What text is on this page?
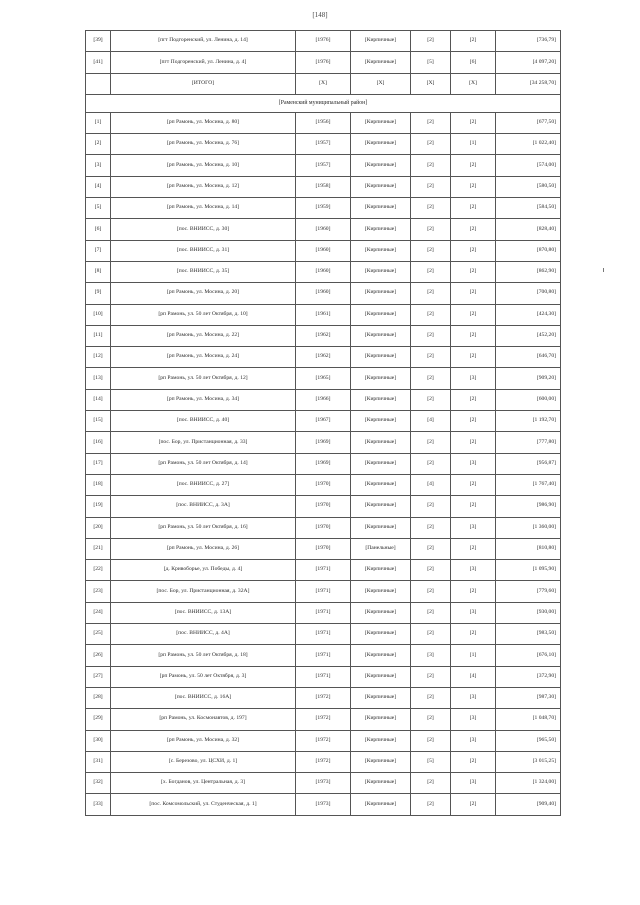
[148]
[39]	[пгт Подгоренский, ул. Ленина, д. 14]	[1976]	[Кирпичные]	[2]	[2]	[736,79]
[41]	[пгт Подгоренский, ул. Ленина, д. 4]	[1976]	[Кирпичные]	[5]	[6]	[4 097,20]
	[ИТОГО]	[X]	[X]	[X]	[X]	[34 258,70]
[Раменский муниципальный район]						
[1]	[рп Рамонь, ул. Мосина, д. 80]	[1956]	[Кирпичные]	[2]	[2]	[677,50]
[2]	[рп Рамонь, ул. Мосина, д. 76]	[1957]	[Кирпичные]	[2]	[1]	[1 022,40]
[3]	[рп Рамонь, ул. Мосина, д. 10]	[1957]	[Кирпичные]	[2]	[2]	[574,00]
[4]	[рп Рамонь, ул. Мосина, д. 12]	[1958]	[Кирпичные]	[2]	[2]	[580,50]
[5]	[рп Рамонь, ул. Мосина, д. 14]	[1959]	[Кирпичные]	[2]	[2]	[584,50]
[6]	[пос. ВНИИСС, д. 30]	[1960]	[Кирпичные]	[2]	[2]	[828,40]
[7]	[пос. ВНИИСС, д. 31]	[1960]	[Кирпичные]	[2]	[2]	[870,80]
[8]	[пос. ВНИИСС, д. 35]	[1960]	[Кирпичные]	[2]	[2]	[862,90]
[9]	[рп Рамонь, ул. Мосина, д. 20]	[1960]	[Кирпичные]	[2]	[2]	[700,80]
[10]	[рп Рамонь, ул. 50 лет Октября, д. 10]	[1961]	[Кирпичные]	[2]	[2]	[424,30]
[11]	[рп Рамонь, ул. Мосина, д. 22]	[1962]	[Кирпичные]	[2]	[2]	[452,20]
[12]	[рп Рамонь, ул. Мосина, д. 24]	[1962]	[Кирпичные]	[2]	[2]	[646,70]
[13]	[рп Рамонь, ул. 50 лет Октября, д. 12]	[1965]	[Кирпичные]	[2]	[3]	[909,20]
[14]	[рп Рамонь, ул. Мосина, д. 34]	[1966]	[Кирпичные]	[2]	[2]	[600,00]
[15]	[пос. ВНИИСС, д. 40]	[1967]	[Кирпичные]	[4]	[2]	[1 192,70]
[16]	[пос. Бор, ул. Пристанционная, д. 33]	[1969]	[Кирпичные]	[2]	[2]	[777,80]
[17]	[рп Рамонь, ул. 50 лет Октября, д. 14]	[1969]	[Кирпичные]	[2]	[3]	[956,87]
[18]	[пос. ВНИИСС, д. 27]	[1970]	[Кирпичные]	[4]	[2]	[1 767,40]
[19]	[пос. ВНИИСС, д. 3А]	[1970]	[Кирпичные]	[2]	[2]	[986,90]
[20]	[рп Рамонь, ул. 50 лет Октября, д. 16]	[1970]	[Кирпичные]	[2]	[3]	[1 360,00]
[21]	[рп Рамонь, ул. Мосина, д. 26]	[1970]	[Панельные]	[2]	[2]	[810,80]
[22]	[д. Кривоборье, ул. Победы, д. 4]	[1971]	[Кирпичные]	[2]	[3]	[1 095,90]
[23]	[пос. Бор, ул. Пристанционная, д. 32А]	[1971]	[Кирпичные]	[2]	[2]	[779,60]
[24]	[пос. ВНИИСС, д. 13А]	[1971]	[Кирпичные]	[2]	[3]	[930,00]
[25]	[пос. ВНИИСС, д. 4А]	[1971]	[Кирпичные]	[2]	[2]	[983,50]
[26]	[рп Рамонь, ул. 50 лет Октября, д. 18]	[1971]	[Кирпичные]	[3]	[1]	[676,10]
[27]	[рп Рамонь, ул. 50 лет Октября, д. 3]	[1971]	[Кирпичные]	[2]	[4]	[372,90]
[28]	[пос. ВНИИСС, д. 16А]	[1972]	[Кирпичные]	[2]	[3]	[987,30]
[29]	[рп Рамонь, ул. Космонавтов, д. 197]	[1972]	[Кирпичные]	[2]	[3]	[1 048,70]
[30]	[рп Рамонь, ул. Мосина, д. 32]	[1972]	[Кирпичные]	[2]	[3]	[965,50]
[31]	[с. Березово, ул. ЦСХИ, д. 1]	[1972]	[Кирпичные]	[5]	[2]	[3 015,25]
[32]	[х. Богданов, ул. Центральная, д. 3]	[1973]	[Кирпичные]	[2]	[3]	[1 324,00]
[33]	[пос. Комсомольский, ул. Студенческая, д. 1]	[1973]	[Кирпичные]	[2]	[2]	[909,40]
